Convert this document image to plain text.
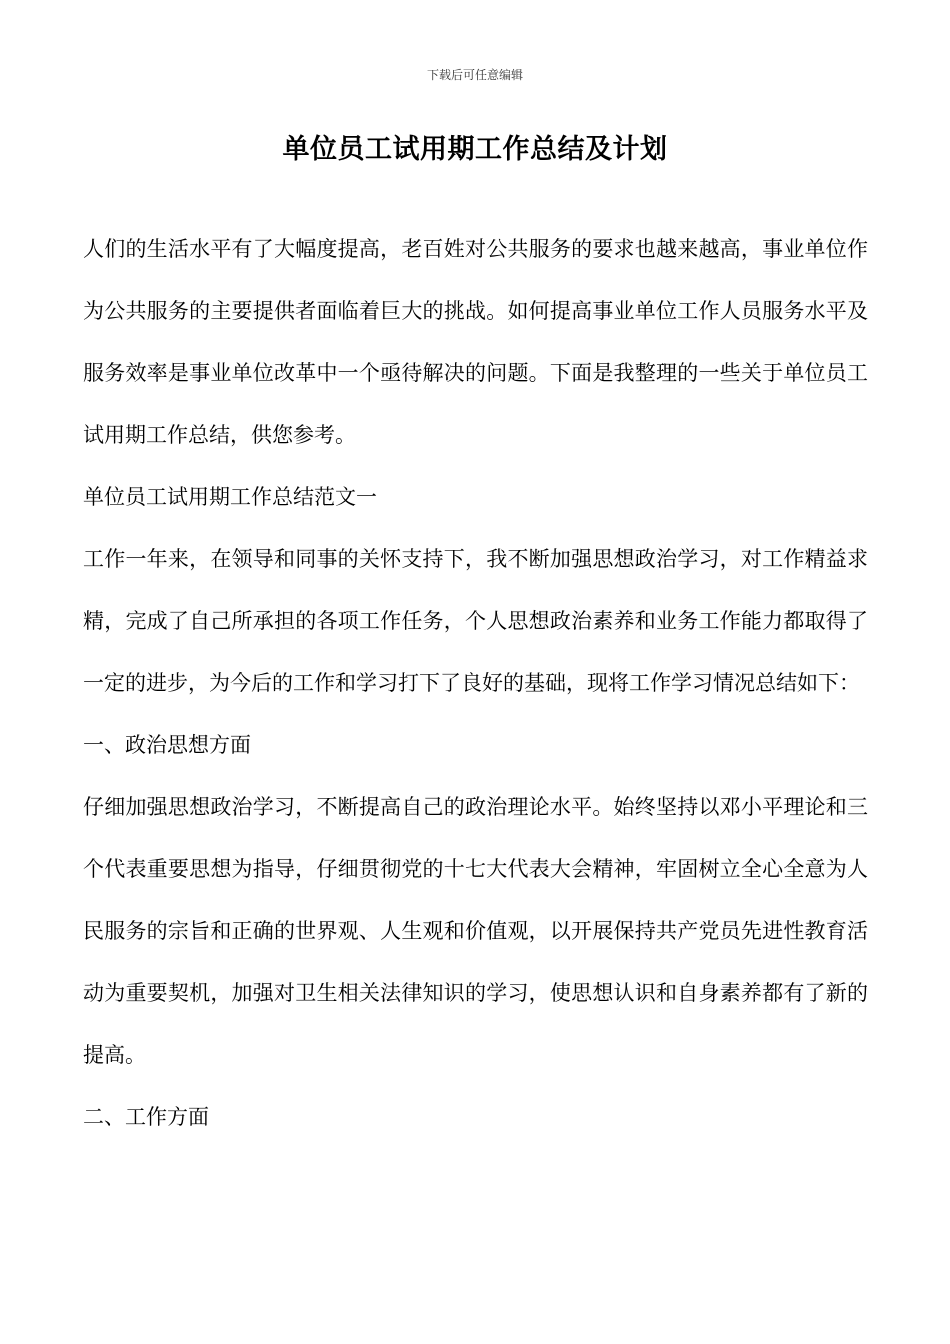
下载后可任意编辑
单位员工试用期工作总结及计划

人们的生活水平有了大幅度提高，老百姓对公共服务的要求也越来越高，事业单位作为公共服务的主要提供者面临着巨大的挑战。如何提高事业单位工作人员服务水平及服务效率是事业单位改革中一个亟待解决的问题。下面是我整理的一些关于单位员工试用期工作总结，供您参考。

单位员工试用期工作总结范文一

工作一年来，在领导和同事的关怀支持下，我不断加强思想政治学习，对工作精益求精，完成了自己所承担的各项工作任务，个人思想政治素养和业务工作能力都取得了一定的进步，为今后的工作和学习打下了良好的基础，现将工作学习情况总结如下：

一、政治思想方面

仔细加强思想政治学习，不断提高自己的政治理论水平。始终坚持以邓小平理论和三个代表重要思想为指导，仔细贯彻党的十七大代表大会精神，牢固树立全心全意为人民服务的宗旨和正确的世界观、人生观和价值观，以开展保持共产党员先进性教育活动为重要契机，加强对卫生相关法律知识的学习，使思想认识和自身素养都有了新的提高。

二、工作方面
